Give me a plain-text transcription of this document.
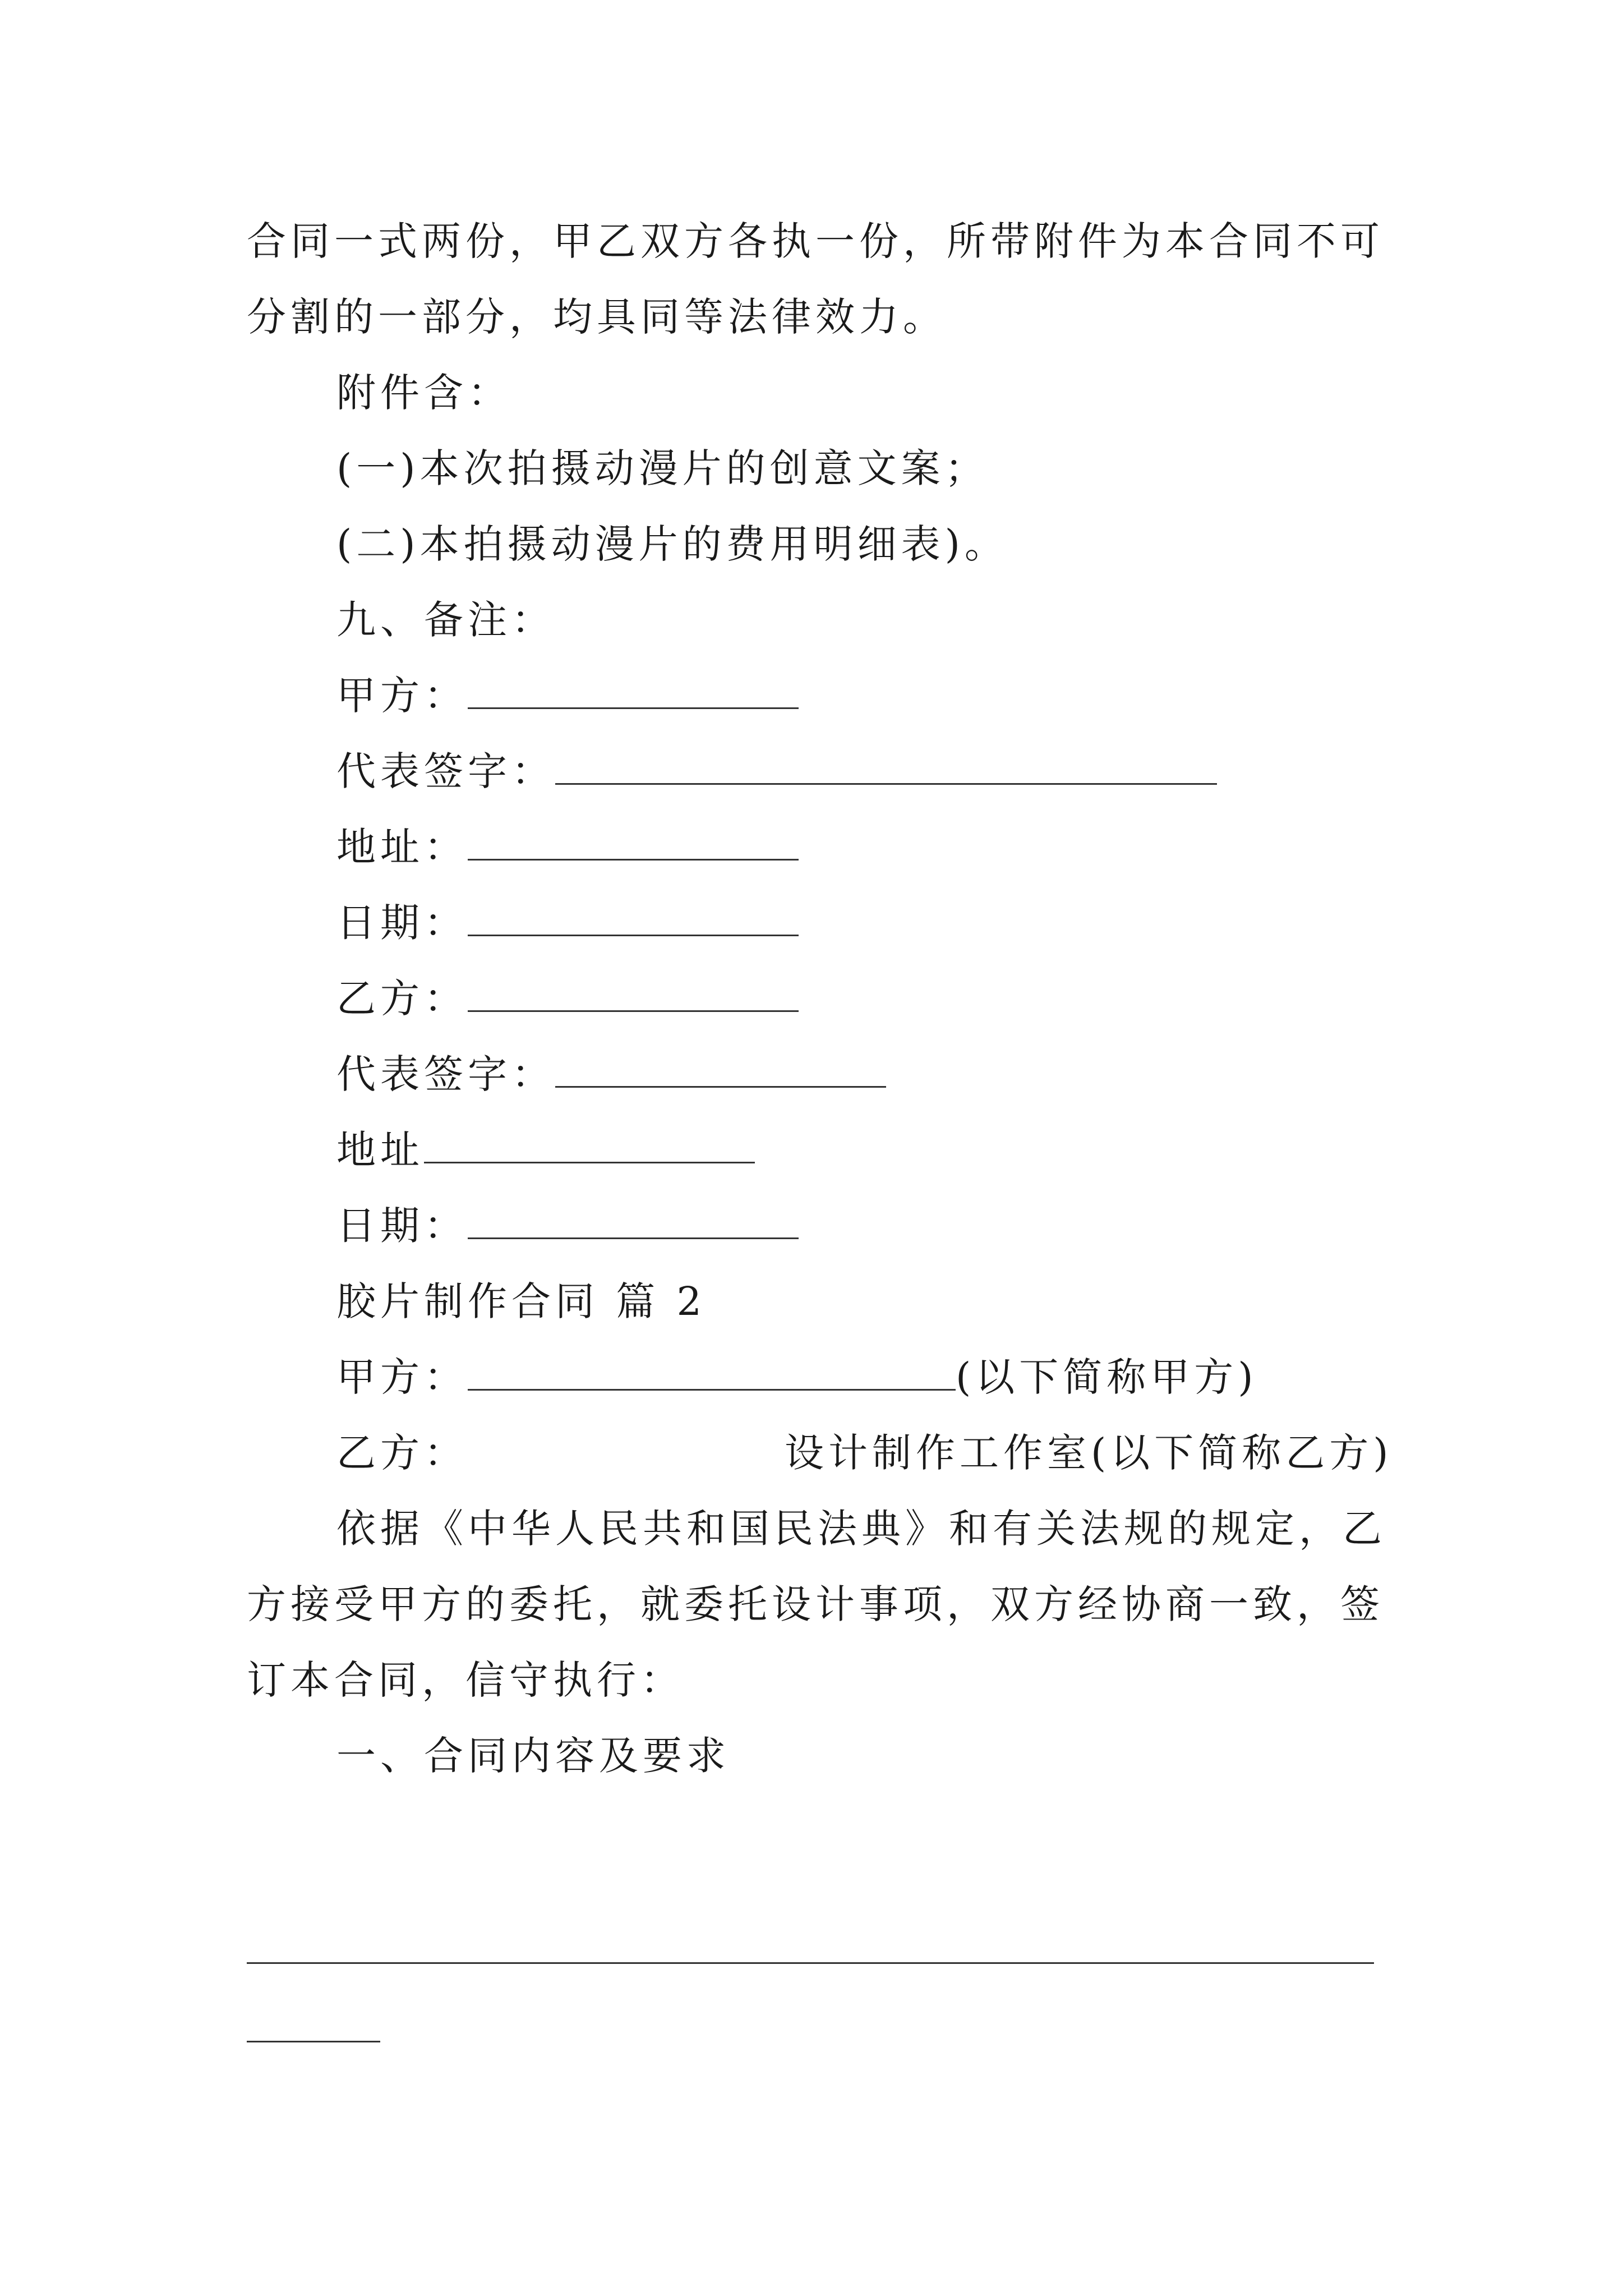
合同一式两份，甲乙双方各执一份，所带附件为本合同不可
分割的一部分，均具同等法律效力。
附件含：
(一)本次拍摄动漫片的创意文案；
(二)本拍摄动漫片的费用明细表)。
九、备注：
甲方：
代表签字：
地址：
日期：
乙方：
代表签字：
地址
日期：
胶片制作合同 篇 2
甲方：	(以下简称甲方)
乙方：	设计制作工作室(以下简称乙方)
依据《中华人民共和国民法典》和有关法规的规定，乙
方接受甲方的委托，就委托设计事项，双方经协商一致，签
订本合同，信守执行：
一、合同内容及要求
